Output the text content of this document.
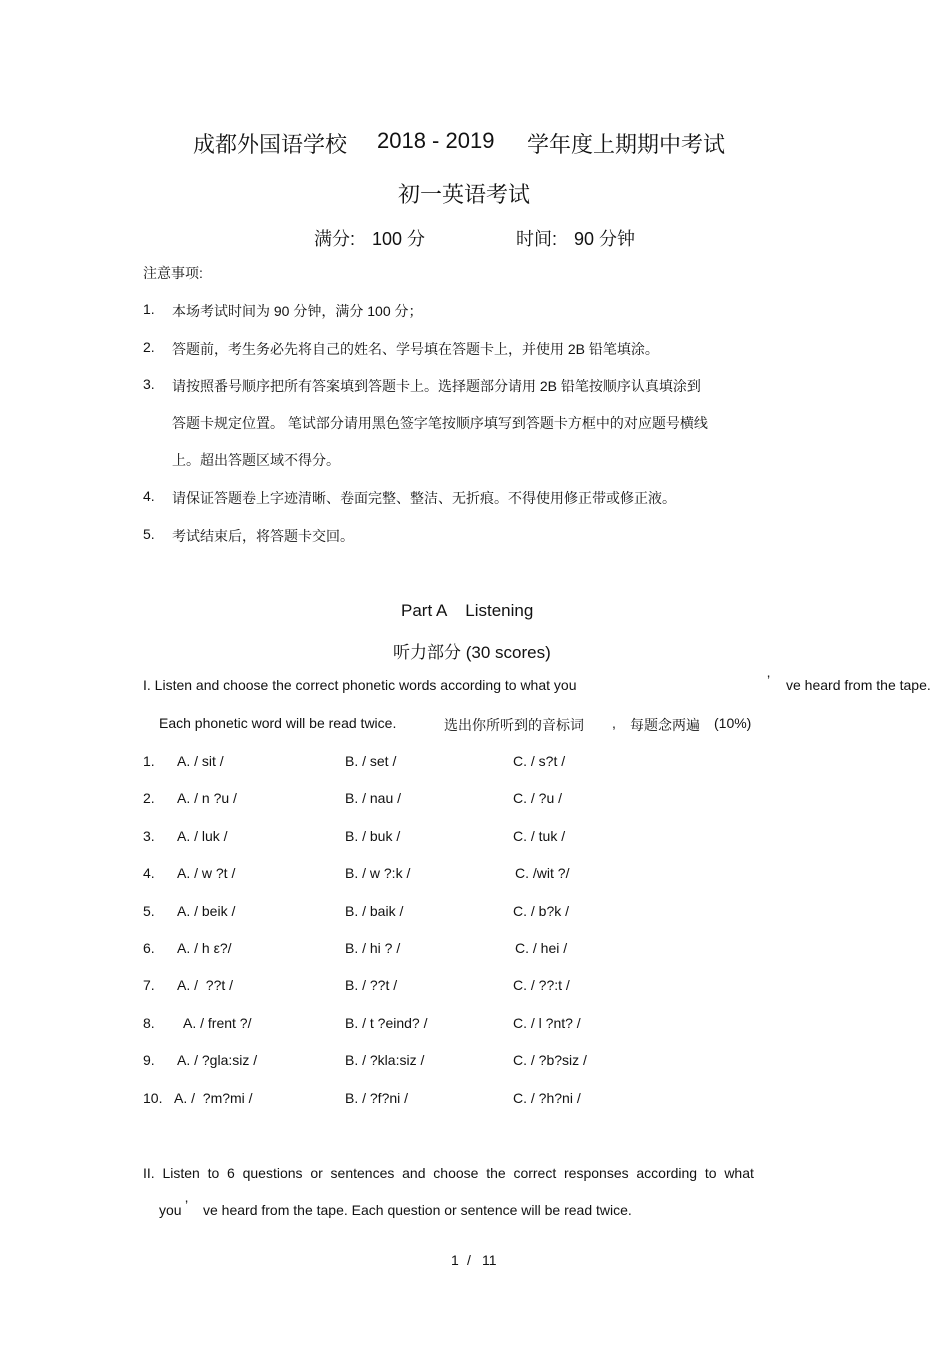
成都外国语学校 2018 - 2019 学年度上期期中考试
初一英语考试
满分: 100 分	时间: 90 分钟
注意事项:
1. 本场考试时间为 90 分钟，满分 100 分；
2. 答题前，考生务必先将自己的姓名、学号填在答题卡上，并使用 2B 铅笔填涂。
3. 请按照番号顺序把所有答案填到答题卡上。选择题部分请用 2B 铅笔按顺序认真填涂到
答题卡规定位置。 笔试部分请用黑色签字笔按顺序填写到答题卡方框中的对应题号横线
上。超出答题区域不得分。
4. 请保证答题卷上字迹清晰、卷面完整、整洁、无折痕。不得使用修正带或修正液。
5. 考试结束后，将答题卡交回。
Part A    Listening
听力部分 (30 scores)
I. Listen and choose the correct phonetic words according to what you	’ ve heard from the tape.
Each phonetic word will be read twice.	选出你所听到的音标词 , 每题念两遍 (10%)
1. A. / sit /	B. / set /	C. / s?t /
2. A. / n ?u /	B. / nau /	C. / ?u /
3. A. / luk /	B. / buk /	C. / tuk /
4. A. / w ?t /	B. / w ?:k /	C. /wit ?/
5. A. / beik /	B. / baik /	C. / b?k /
6. A. / h ε?/	B. / hi ? /	C. / hei /
7. A. /  ??t /	B. / ??t /	C. / ??:t /
8. A. / frent ?/	B. / t ?eind? /	C. / l ?nt? /
9. A. / ?gla:siz /	B. / ?kla:siz /	C. / ?b?siz /
10. A. /  ?m?mi /	B. / ?f?ni /	C. / ?h?ni /
II.  Listen  to  6  questions  or  sentences  and  choose  the  correct  responses  according  to  what
you ’ ve heard from the tape. Each question or sentence will be read twice.
1 / 11
